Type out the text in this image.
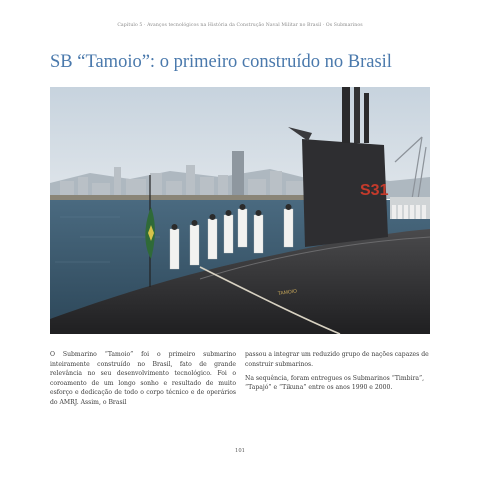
Capítulo 5 · Avanços tecnológicos na História da Construção Naval Militar no Brasil · Os Submarinos
SB “Tamoio”: o primeiro construído no Brasil
S31
TAMOIO

O Submarino “Tamoio” foi o primeiro submarino inteiramente construído no Brasil, fato de grande relevância no seu desenvolvimento tecnológico. Foi o coroamento de um longo sonho e resultado de muito esforço e dedicação de todo o corpo técnico e de operários do AMRJ. Assim, o Brasil

passou a integrar um reduzido grupo de nações capazes de construir submarinos.

Na sequência, foram entregues os Submarinos “Timbira”, “Tapajó” e “Tikuna” entre os anos 1990 e 2000.

101
